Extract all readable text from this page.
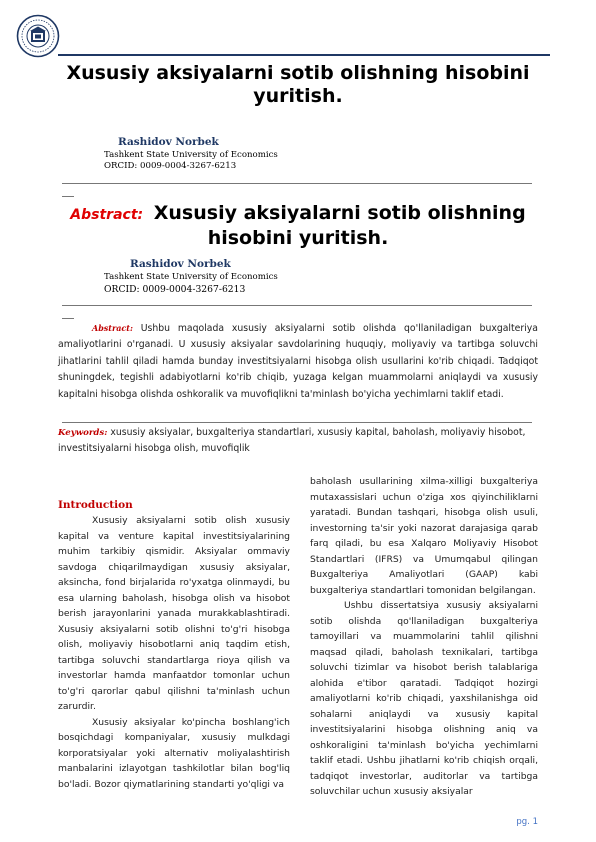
Xususiy aksiyalarni sotib olishning hisobini yuritish.
Rashidov Norbek
Tashkent State University of Economics
ORCID: 0009-0004-3267-6213
Abstract: Xususiy aksiyalarni sotib olishning hisobini yuritish.
Rashidov Norbek
Tashkent State University of Economics
ORCID: 0009-0004-3267-6213

Abstract: Ushbu maqolada xususiy aksiyalarni sotib olishda qo'llaniladigan buxgalteriya amaliyotlarini o'rganadi. U xususiy aksiyalar savdolarining huquqiy, moliyaviy va tartibga soluvchi jihatlarini tahlil qiladi hamda bunday investitsiyalarni hisobga olish usullarini ko'rib chiqadi. Tadqiqot shuningdek, tegishli adabiyotlarni ko'rib chiqib, yuzaga kelgan muammolarni aniqlaydi va xususiy kapitalni hisobga olishda oshkoralik va muvofiqlikni ta'minlash bo'yicha yechimlarni taklif etadi.

Keywords: xususiy aksiyalar, buxgalteriya standartlari, xususiy kapital, baholash, moliyaviy hisobot, investitsiyalarni hisobga olish, muvofiqlik

Introduction

Xususiy aksiyalarni sotib olish xususiy kapital va venture kapital investitsiyalarining muhim tarkibiy qismidir. Aksiyalar ommaviy savdoga chiqarilmaydigan xususiy aksiyalar, aksincha, fond birjalarida ro'yxatga olinmaydi, bu esa ularning baholash, hisobga olish va hisobot berish jarayonlarini yanada murakkablashtiradi. Xususiy aksiyalarni sotib olishni to'g'ri hisobga olish, moliyaviy hisobotlarni aniq taqdim etish, tartibga soluvchi standartlarga rioya qilish va investorlar hamda manfaatdor tomonlar uchun to'g'ri qarorlar qabul qilishni ta'minlash uchun zarurdir.

Xususiy aksiyalar ko'pincha boshlang'ich bosqichdagi kompaniyalar, xususiy mulkdagi korporatsiyalar yoki alternativ moliyalashtirish manbalarini izlayotgan tashkilotlar bilan bog'liq bo'ladi. Bozor qiymatlarining standarti yo'qligi va

baholash usullarining xilma-xilligi buxgalteriya mutaxassislari uchun o'ziga xos qiyinchiliklarni yaratadi. Bundan tashqari, hisobga olish usuli, investorning ta'sir yoki nazorat darajasiga qarab farq qiladi, bu esa Xalqaro Moliyaviy Hisobot Standartlari (IFRS) va Umumqabul qilingan Buxgalteriya Amaliyotlari (GAAP) kabi buxgalteriya standartlari tomonidan belgilangan.

Ushbu dissertatsiya xususiy aksiyalarni sotib olishda qo'llaniladigan buxgalteriya tamoyillari va muammolarini tahlil qilishni maqsad qiladi, baholash texnikalari, tartibga soluvchi tizimlar va hisobot berish talablariga alohida e'tibor qaratadi. Tadqiqot hozirgi amaliyotlarni ko'rib chiqadi, yaxshilanishga oid sohalarni aniqlaydi va xususiy kapital investitsiyalarini hisobga olishning aniq va oshkoraligini ta'minlash bo'yicha yechimlarni taklif etadi. Ushbu jihatlarni ko'rib chiqish orqali, tadqiqot investorlar, auditorlar va tartibga soluvchilar uchun xususiy aksiyalar

pg. 1
